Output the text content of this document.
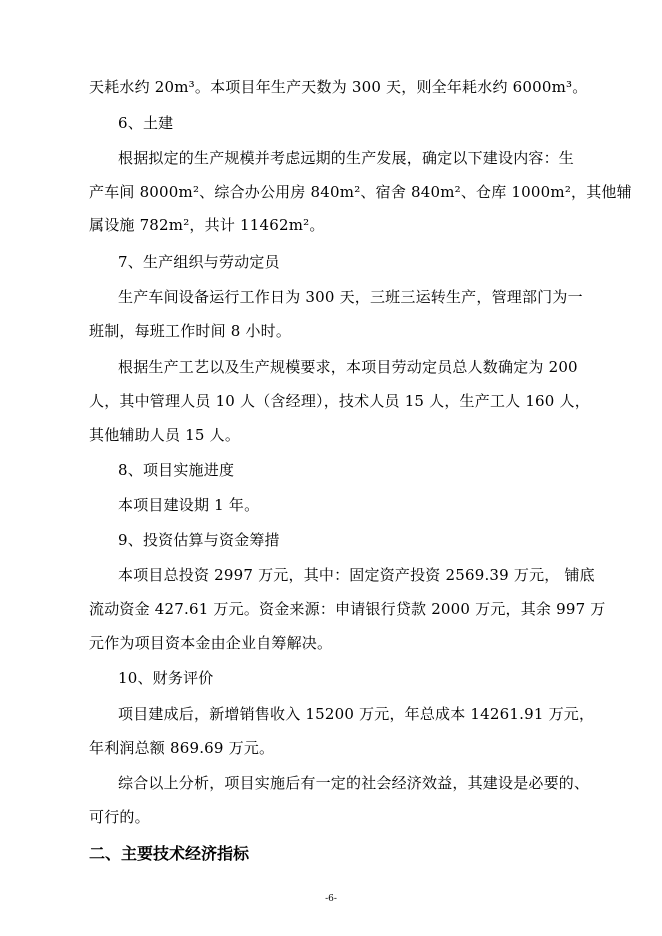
天耗水约 20m³。本项目年生产天数为 300 天，则全年耗水约 6000m³。
6、土建
根据拟定的生产规模并考虑远期的生产发展，确定以下建设内容：生
产车间 8000m²、综合办公用房 840m²、宿舍 840m²、仓库 1000m²，其他辅
属设施 782m²，共计 11462m²。
7、生产组织与劳动定员
生产车间设备运行工作日为 300 天，三班三运转生产，管理部门为一
班制，每班工作时间 8 小时。
根据生产工艺以及生产规模要求，本项目劳动定员总人数确定为 200
人，其中管理人员 10 人（含经理），技术人员 15 人，生产工人 160 人，
其他辅助人员 15 人。
8、项目实施进度
本项目建设期 1 年。
9、投资估算与资金筹措
本项目总投资 2997 万元，其中：固定资产投资 2569.39 万元， 铺底
流动资金 427.61 万元。资金来源：申请银行贷款 2000 万元，其余 997 万
元作为项目资本金由企业自筹解决。
10、财务评价
项目建成后，新增销售收入 15200 万元，年总成本 14261.91 万元，
年利润总额 869.69 万元。
综合以上分析，项目实施后有一定的社会经济效益，其建设是必要的、
可行的。
二、主要技术经济指标
-6-
